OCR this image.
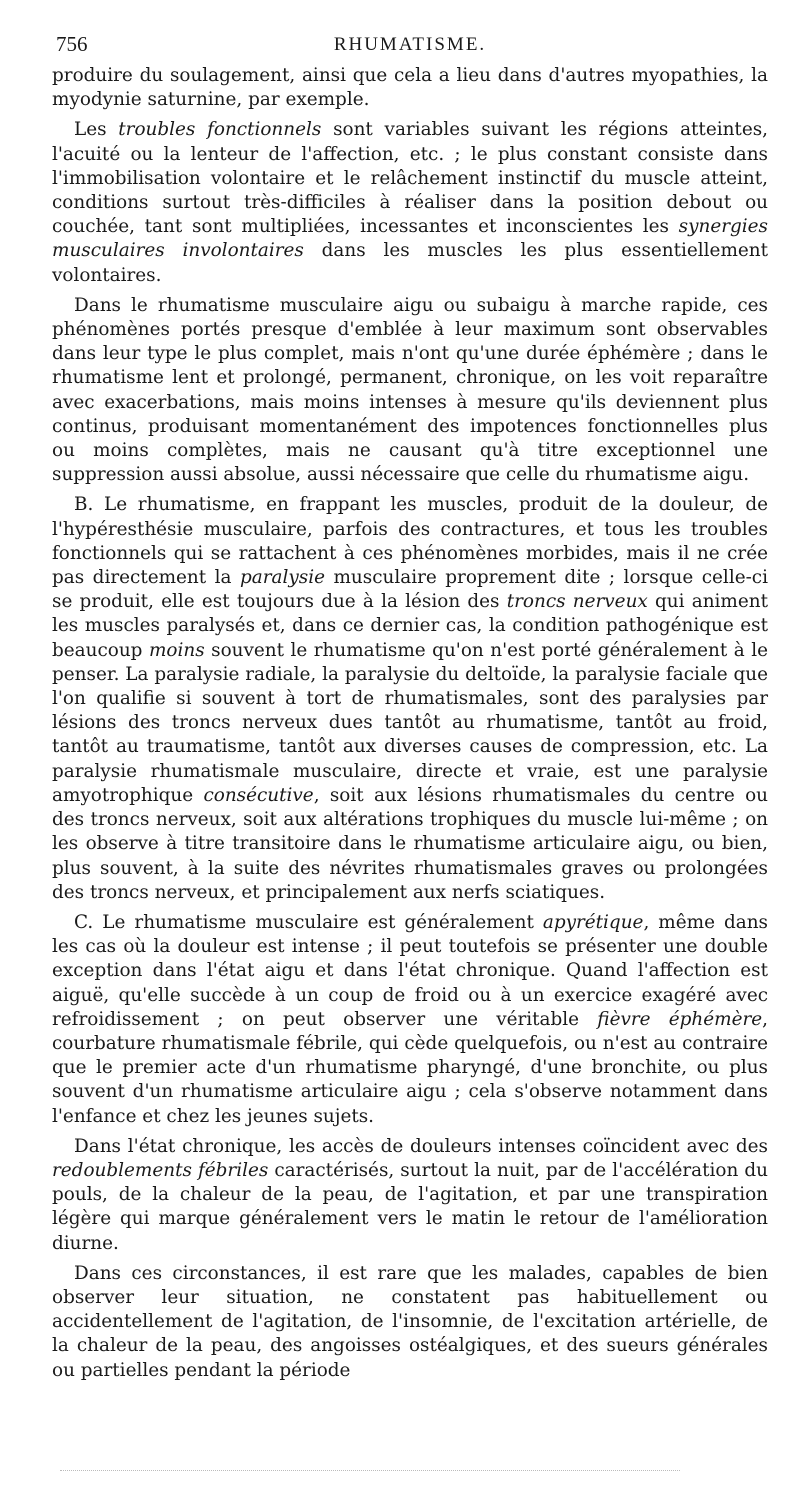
756	RHUMATISME.

produire du soulagement, ainsi que cela a lieu dans d'autres myopathies, la myodynie saturnine, par exemple.

Les troubles fonctionnels sont variables suivant les régions atteintes, l'acuité ou la lenteur de l'affection, etc. ; le plus constant consiste dans l'immobilisation volontaire et le relâchement instinctif du muscle atteint, conditions surtout très-difficiles à réaliser dans la position debout ou couchée, tant sont multipliées, incessantes et inconscientes les synergies musculaires involontaires dans les muscles les plus essentiellement volontaires.

Dans le rhumatisme musculaire aigu ou subaigu à marche rapide, ces phénomènes portés presque d'emblée à leur maximum sont observables dans leur type le plus complet, mais n'ont qu'une durée éphémère ; dans le rhumatisme lent et prolongé, permanent, chronique, on les voit reparaître avec exacerbations, mais moins intenses à mesure qu'ils deviennent plus continus, produisant momentanément des impotences fonctionnelles plus ou moins complètes, mais ne causant qu'à titre exceptionnel une suppression aussi absolue, aussi nécessaire que celle du rhumatisme aigu.

B. Le rhumatisme, en frappant les muscles, produit de la douleur, de l'hypéresthésie musculaire, parfois des contractures, et tous les troubles fonctionnels qui se rattachent à ces phénomènes morbides, mais il ne crée pas directement la paralysie musculaire proprement dite ; lorsque celle-ci se produit, elle est toujours due à la lésion des troncs nerveux qui animent les muscles paralysés et, dans ce dernier cas, la condition pathogénique est beaucoup moins souvent le rhumatisme qu'on n'est porté généralement à le penser. La paralysie radiale, la paralysie du deltoïde, la paralysie faciale que l'on qualifie si souvent à tort de rhumatismales, sont des paralysies par lésions des troncs nerveux dues tantôt au rhumatisme, tantôt au froid, tantôt au traumatisme, tantôt aux diverses causes de compression, etc. La paralysie rhumatismale musculaire, directe et vraie, est une paralysie amyotrophique consécutive, soit aux lésions rhumatismales du centre ou des troncs nerveux, soit aux altérations trophiques du muscle lui-même ; on les observe à titre transitoire dans le rhumatisme articulaire aigu, ou bien, plus souvent, à la suite des névrites rhumatismales graves ou prolongées des troncs nerveux, et principalement aux nerfs sciatiques.

C. Le rhumatisme musculaire est généralement apyrétique, même dans les cas où la douleur est intense ; il peut toutefois se présenter une double exception dans l'état aigu et dans l'état chronique. Quand l'affection est aiguë, qu'elle succède à un coup de froid ou à un exercice exagéré avec refroidissement ; on peut observer une véritable fièvre éphémère, courbature rhumatismale fébrile, qui cède quelquefois, ou n'est au contraire que le premier acte d'un rhumatisme pharyngé, d'une bronchite, ou plus souvent d'un rhumatisme articulaire aigu ; cela s'observe notamment dans l'enfance et chez les jeunes sujets.

Dans l'état chronique, les accès de douleurs intenses coïncident avec des redoublements fébriles caractérisés, surtout la nuit, par de l'accélération du pouls, de la chaleur de la peau, de l'agitation, et par une transpiration légère qui marque généralement vers le matin le retour de l'amélioration diurne.

Dans ces circonstances, il est rare que les malades, capables de bien observer leur situation, ne constatent pas habituellement ou accidentellement de l'agitation, de l'insomnie, de l'excitation artérielle, de la chaleur de la peau, des angoisses ostéalgiques, et des sueurs générales ou partielles pendant la période
